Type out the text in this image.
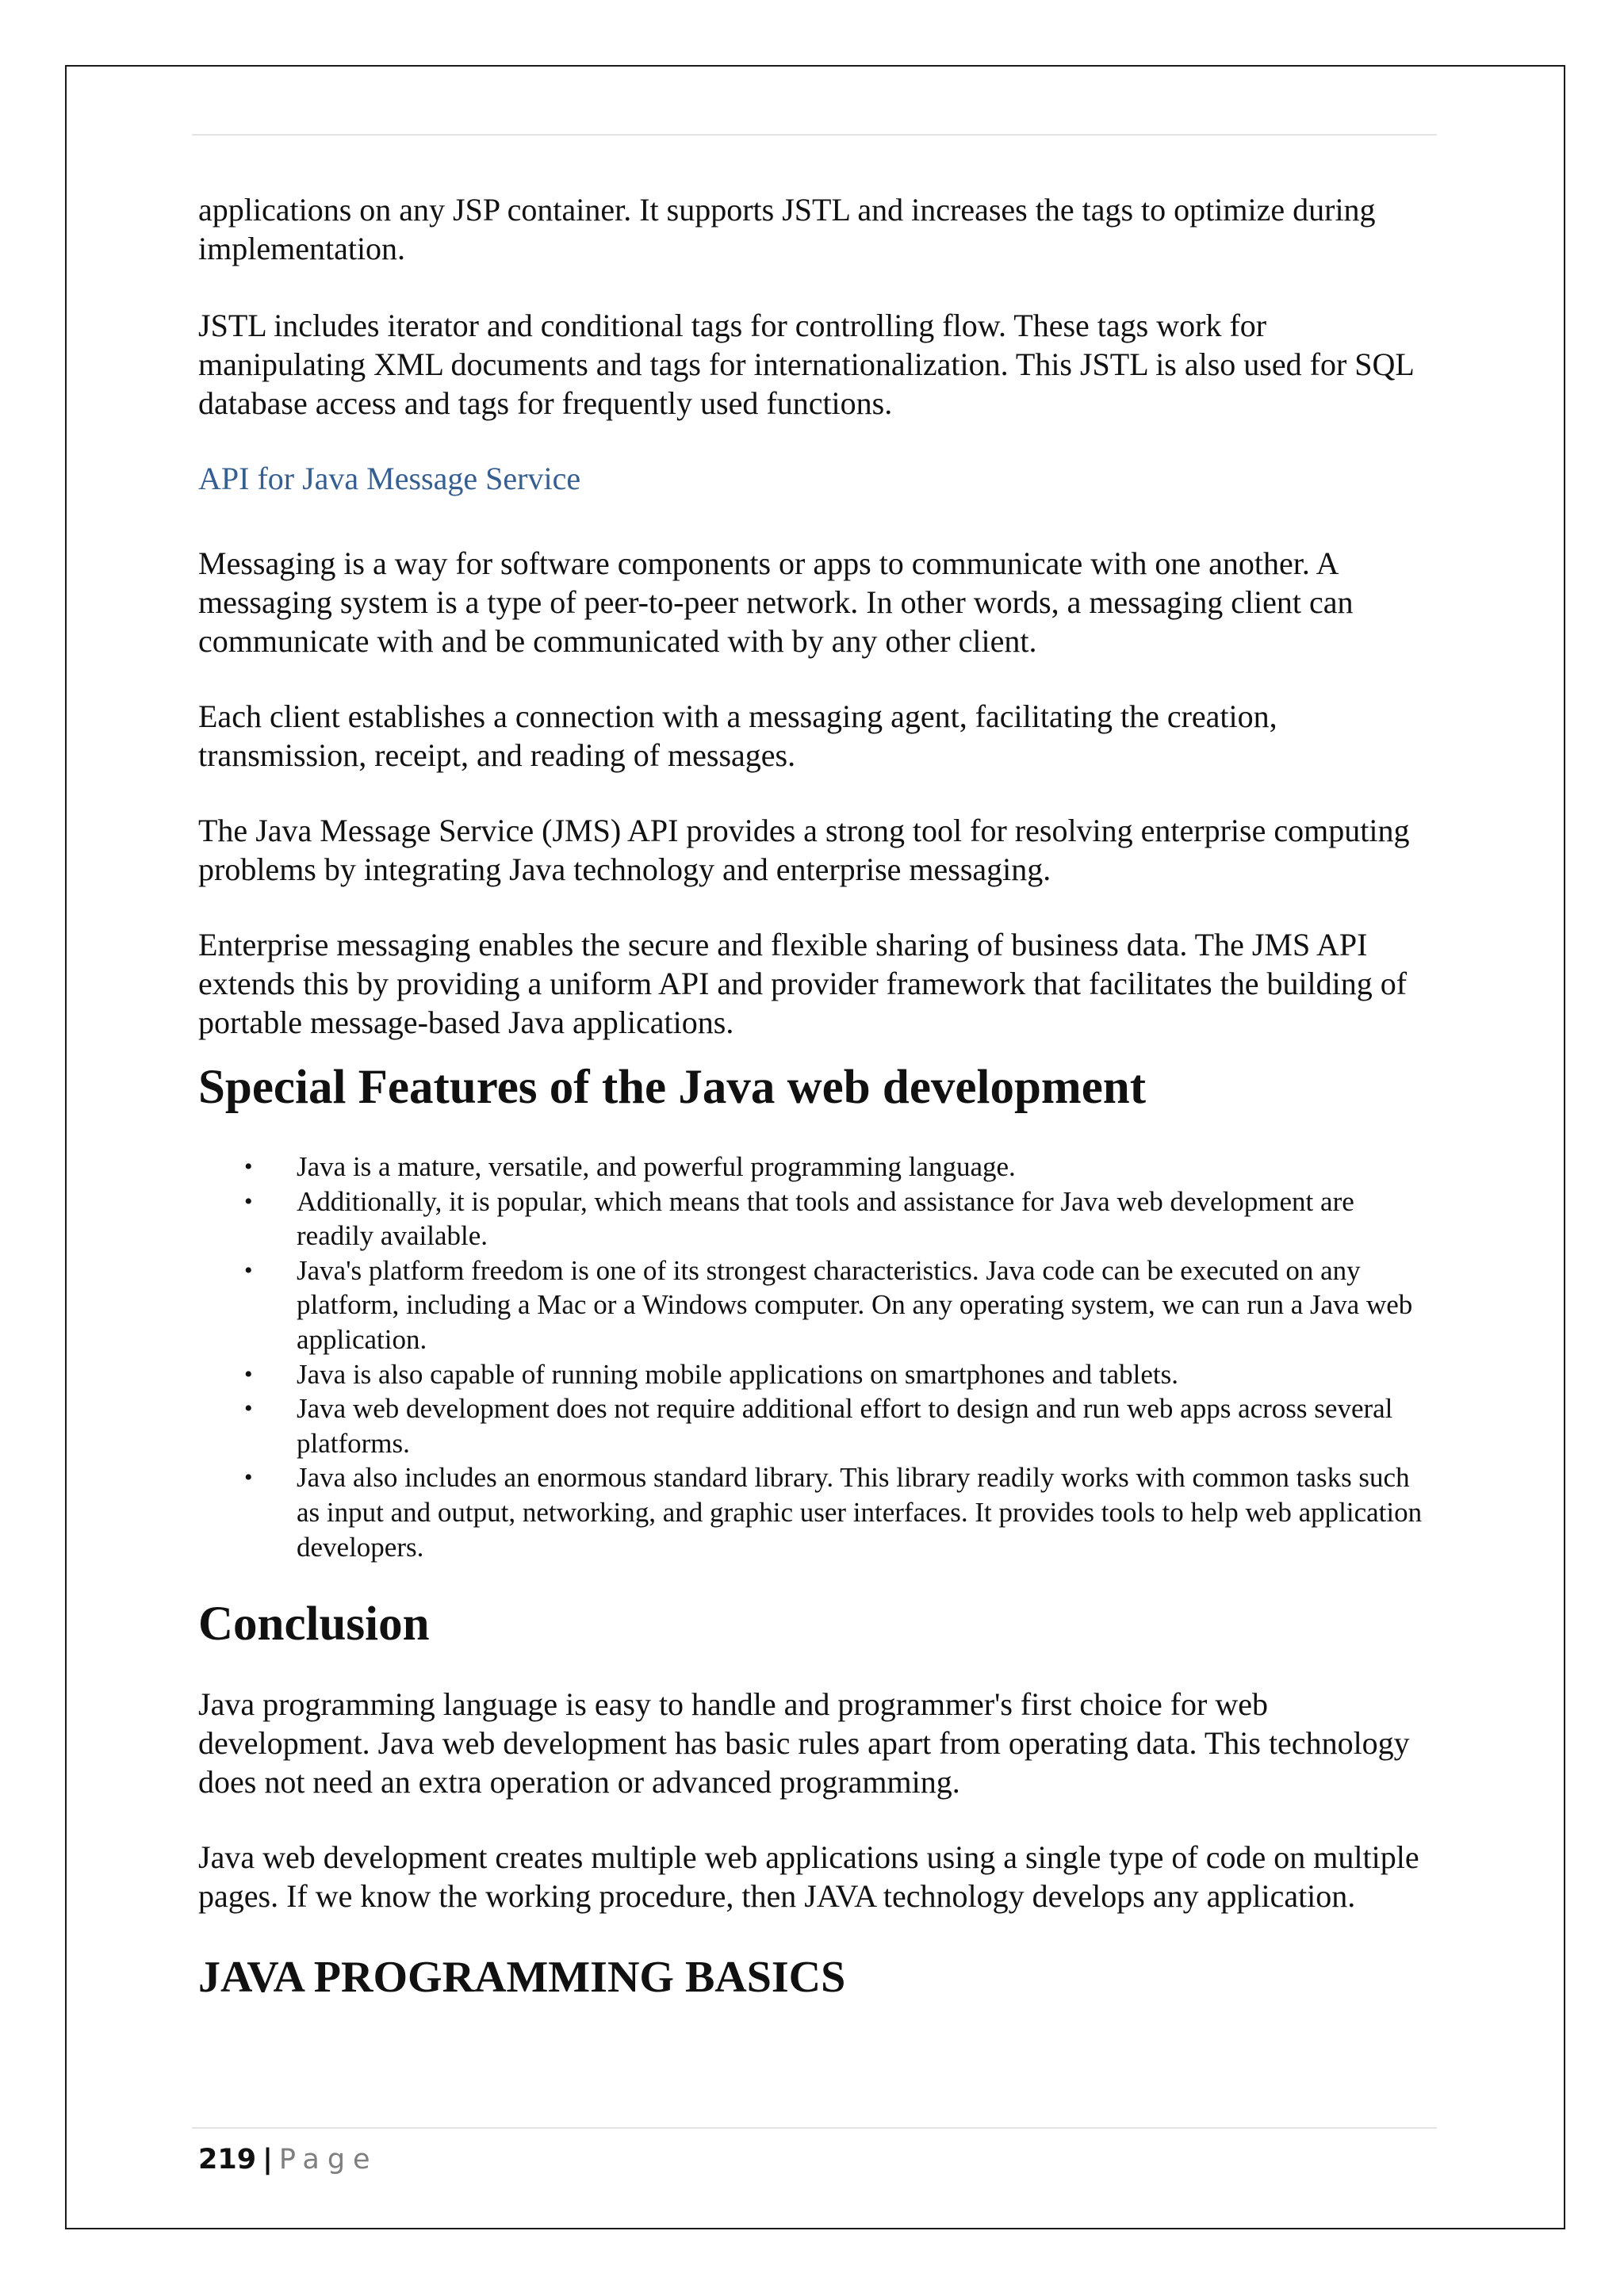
applications on any JSP container. It supports JSTL and increases the tags to optimize during implementation.

JSTL includes iterator and conditional tags for controlling flow. These tags work for manipulating XML documents and tags for internationalization. This JSTL is also used for SQL database access and tags for frequently used functions.

API for Java Message Service

Messaging is a way for software components or apps to communicate with one another. A messaging system is a type of peer-to-peer network. In other words, a messaging client can communicate with and be communicated with by any other client.

Each client establishes a connection with a messaging agent, facilitating the creation, transmission, receipt, and reading of messages.

The Java Message Service (JMS) API provides a strong tool for resolving enterprise computing problems by integrating Java technology and enterprise messaging.

Enterprise messaging enables the secure and flexible sharing of business data. The JMS API extends this by providing a uniform API and provider framework that facilitates the building of portable message-based Java applications.

Special Features of the Java web development
• Java is a mature, versatile, and powerful programming language.
• Additionally, it is popular, which means that tools and assistance for Java web development are readily available.
• Java's platform freedom is one of its strongest characteristics. Java code can be executed on any platform, including a Mac or a Windows computer. On any operating system, we can run a Java web application.
• Java is also capable of running mobile applications on smartphones and tablets.
• Java web development does not require additional effort to design and run web apps across several platforms.
• Java also includes an enormous standard library. This library readily works with common tasks such as input and output, networking, and graphic user interfaces. It provides tools to help web application developers.
Conclusion

Java programming language is easy to handle and programmer's first choice for web development. Java web development has basic rules apart from operating data. This technology does not need an extra operation or advanced programming.

Java web development creates multiple web applications using a single type of code on multiple pages. If we know the working procedure, then JAVA technology develops any application.

JAVA PROGRAMMING BASICS
219 | Page
